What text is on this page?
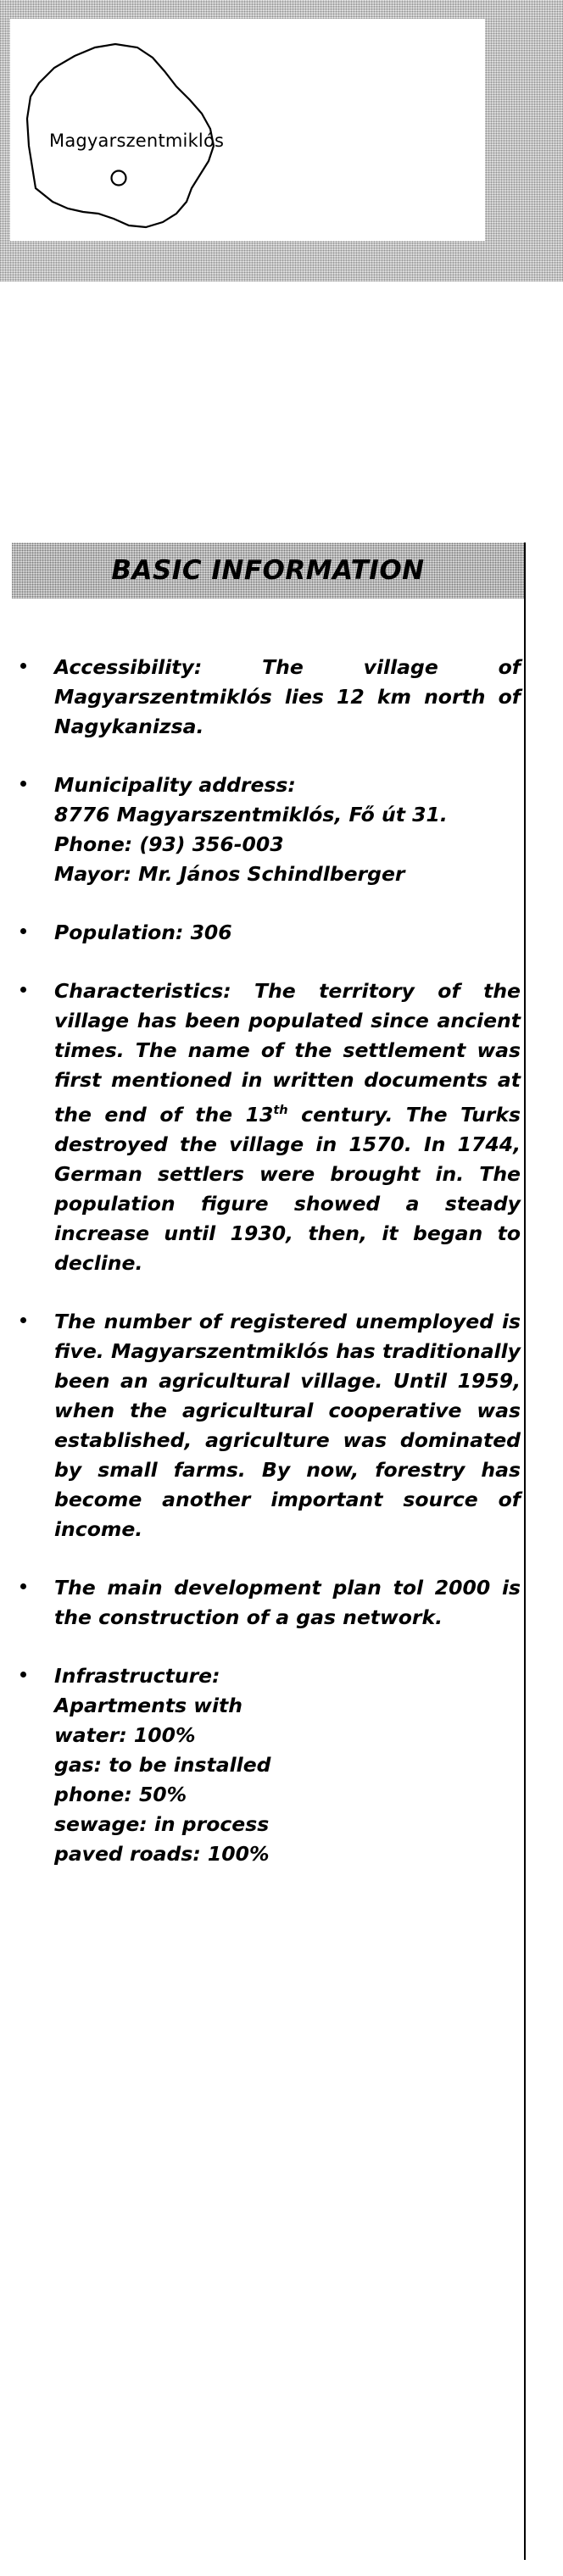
Magyarszentmiklós
BASIC INFORMATION

Accessibility: The village of Magyarszentmiklós lies 12 km north of Nagykanizsa.

Municipality address:
8776 Magyarszentmiklós, Fő út 31.
Phone: (93) 356-003
Mayor: Mr. János Schindlberger

Population: 306

Characteristics: The territory of the village has been populated since ancient times. The name of the settlement was first mentioned in written documents at the end of the 13th century. The Turks destroyed the village in 1570. In 1744, German settlers were brought in. The population figure showed a steady increase until 1930, then, it began to decline.

The number of registered unemployed is five. Magyarszentmiklós has traditionally been an agricultural village. Until 1959, when the agricultural cooperative was established, agriculture was dominated by small farms. By now, forestry has become another important source of income.

The main development plan tol 2000 is the construction of a gas network.

Infrastructure:
Apartments with
water: 100%
gas: to be installed
phone: 50%
sewage: in process
paved roads: 100%
